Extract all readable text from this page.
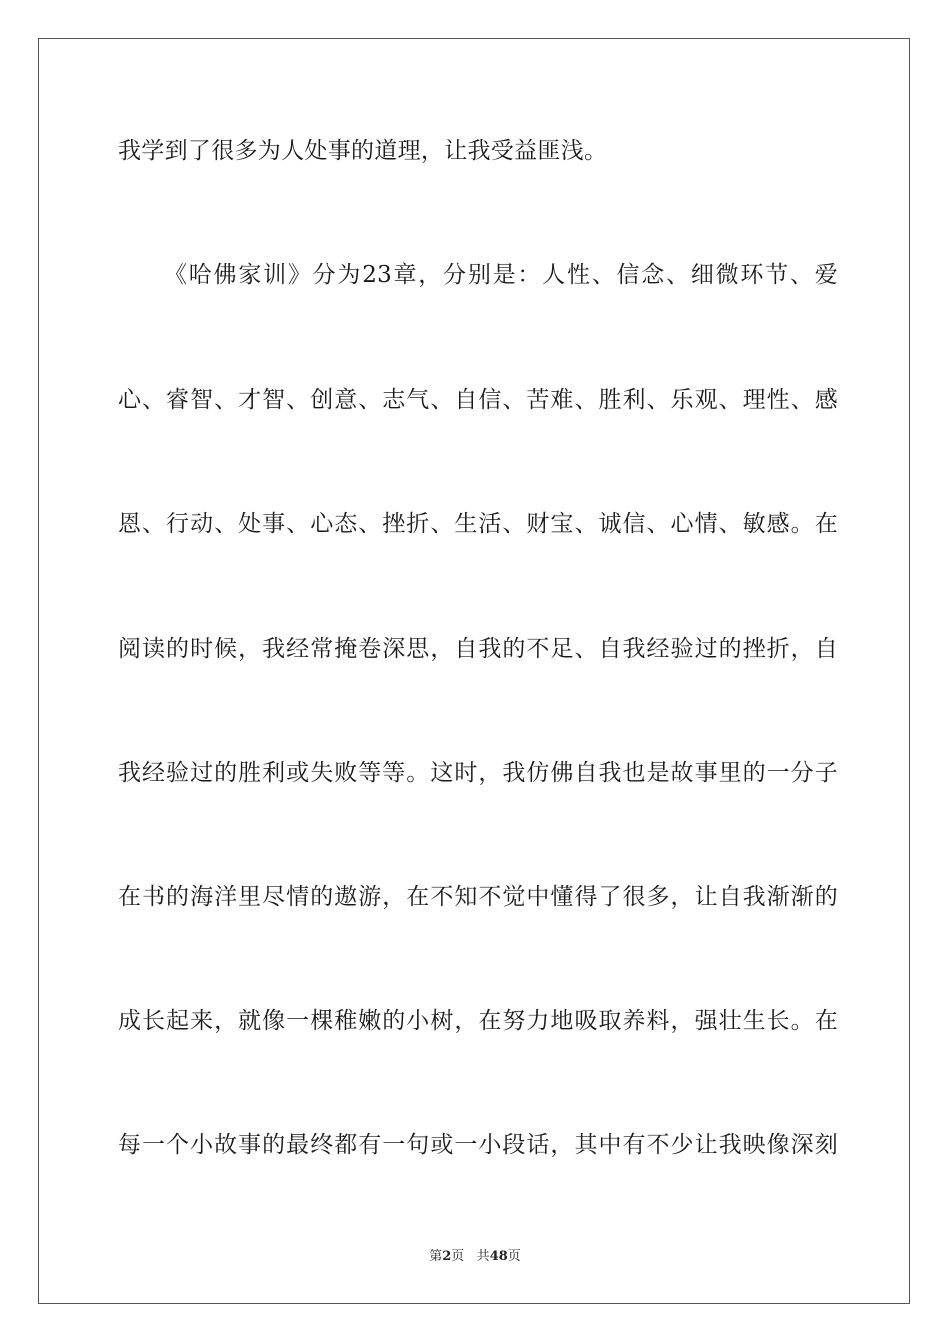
我学到了很多为人处事的道理，让我受益匪浅。
《哈佛家训》分为23章，分别是：人性、信念、细微环节、爱
心、睿智、才智、创意、志气、自信、苦难、胜利、乐观、理性、感
恩、行动、处事、心态、挫折、生活、财宝、诚信、心情、敏感。在
阅读的时候，我经常掩卷深思，自我的不足、自我经验过的挫折，自
我经验过的胜利或失败等等。这时，我仿佛自我也是故事里的一分子
在书的海洋里尽情的遨游，在不知不觉中懂得了很多，让自我渐渐的
成长起来，就像一棵稚嫩的小树，在努力地吸取养料，强壮生长。在
每一个小故事的最终都有一句或一小段话，其中有不少让我映像深刻
第2页 共48页
